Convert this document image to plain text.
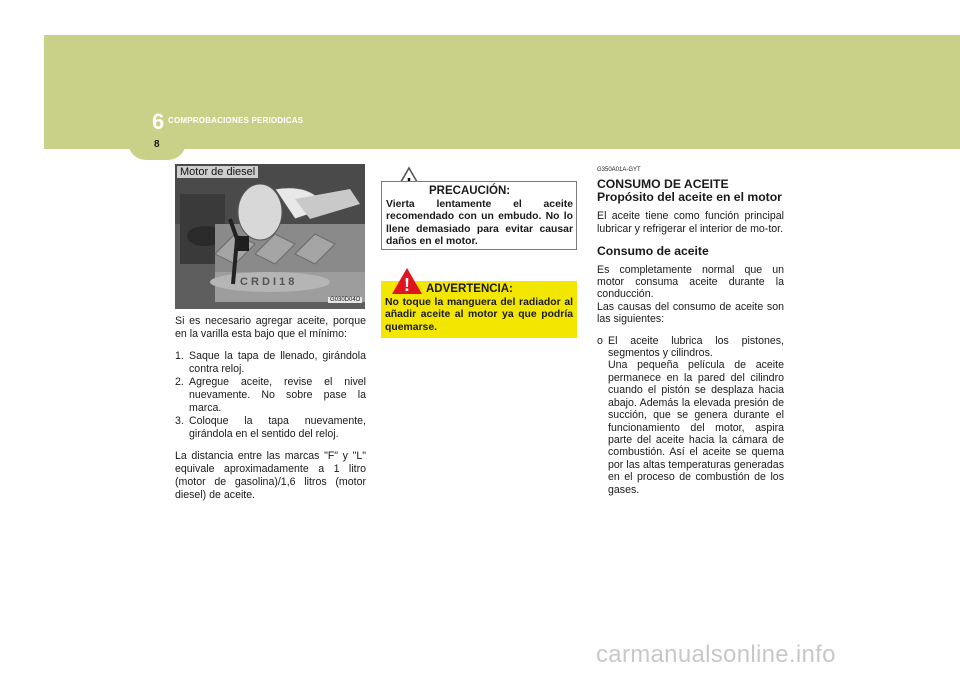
6 COMPROBACIONES PERIODICAS
8
C R D I 1 8
Motor de diesel
G030D04O

Si es necesario agregar aceite, porque en la varilla esta bajo que el mínimo:

1. Saque la tapa de llenado, girándola contra reloj.
2. Agregue aceite, revise el nivel nuevamente. No sobre pase la marca.
3. Coloque la tapa nuevamente, girándola en el sentido del reloj.

La distancia entre las marcas "F" y "L" equivale aproximadamente a 1 litro (motor de gasolina)/1,6 litros (motor diesel) de aceite.

PRECAUCIÓN:
Vierta lentamente el aceite recomendado con un embudo. No lo llene demasiado para evitar causar daños en el motor.
ADVERTENCIA:
No toque la manguera del radiador al añadir aceite al motor ya que podría quemarse.
!
G350A01A-GYT
CONSUMO DE ACEITE
Propósito del aceite en el motor

El aceite tiene como función principal lubricar y refrigerar el interior de mo-tor.

Consumo de aceite

Es completamente normal que un motor consuma aceite durante la conducción.

Las causas del consumo de aceite son las siguientes:

o El aceite lubrica los pistones, segmentos y cilindros.
Una pequeña película de aceite permanece en la pared del cilindro cuando el pistón se desplaza hacia abajo. Además la elevada presión de succión, que se genera durante el funcionamiento del motor, aspira parte del aceite hacia la cámara de combustión. Así el aceite se quema por las altas temperaturas generadas en el proceso de combustión de los gases.
carmanualsonline.info
